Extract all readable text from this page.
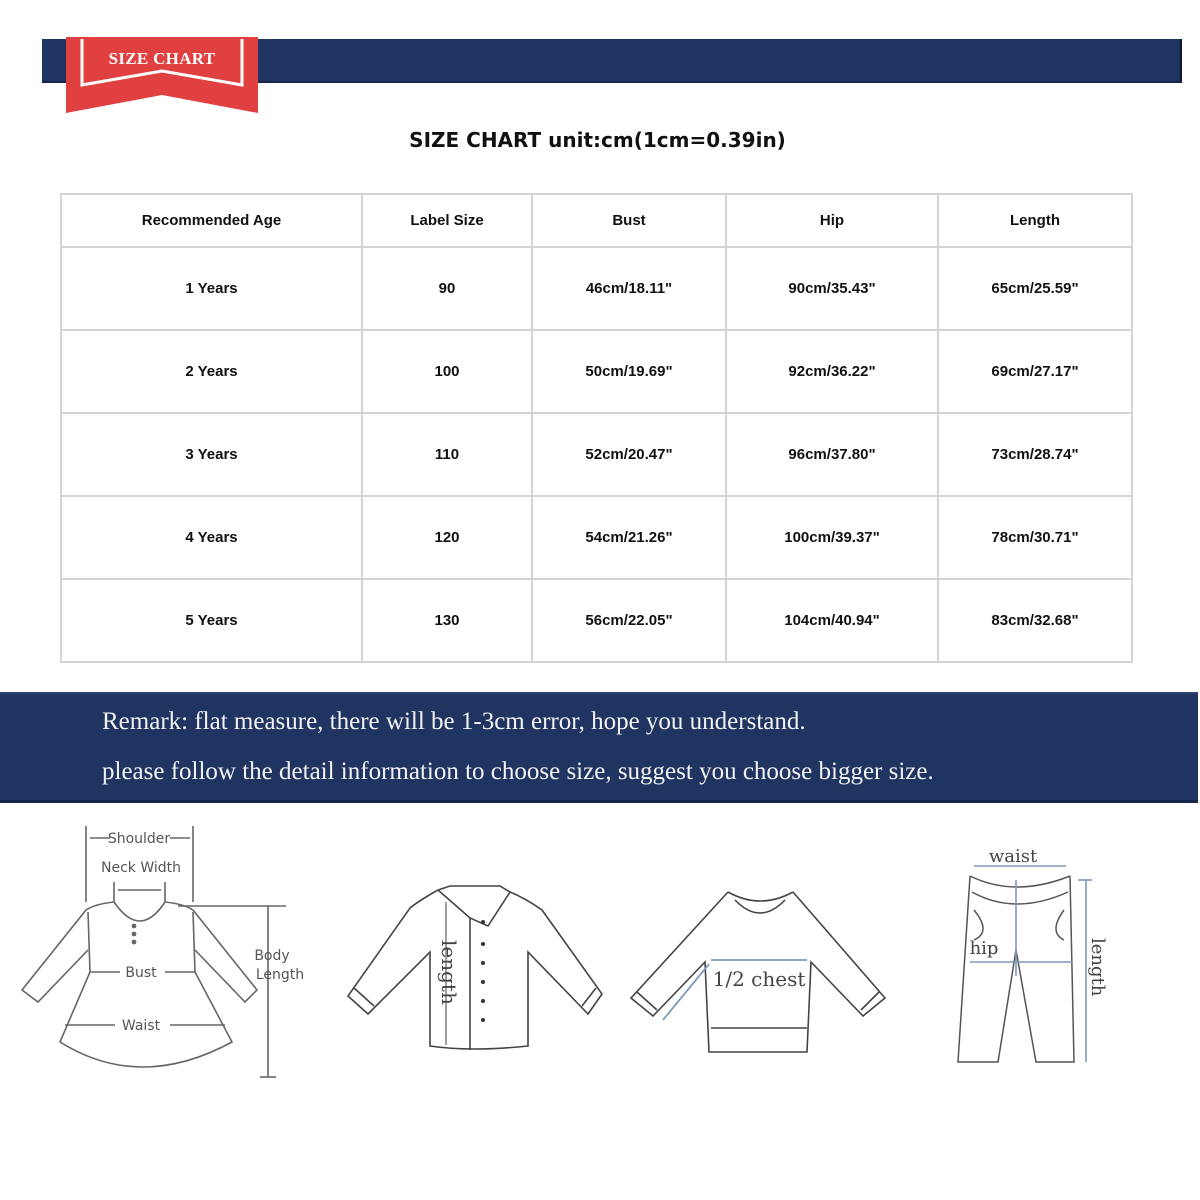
SIZE CHART
SIZE CHART unit:cm(1cm=0.39in)
Recommended Age	Label Size	Bust	Hip	Length
1 Years	90	46cm/18.11"	90cm/35.43"	65cm/25.59"
2 Years	100	50cm/19.69"	92cm/36.22"	69cm/27.17"
3 Years	110	52cm/20.47"	96cm/37.80"	73cm/28.74"
4 Years	120	54cm/21.26"	100cm/39.37"	78cm/30.71"
5 Years	130	56cm/22.05"	104cm/40.94"	83cm/32.68"
Remark: flat measure, there will be 1-3cm error, hope you understand.
please follow the detail information to choose size, suggest you choose bigger size.
Shoulder
Neck Width
Bust
Waist
Body
Length	length	1/2 chest
waist
hip	length
